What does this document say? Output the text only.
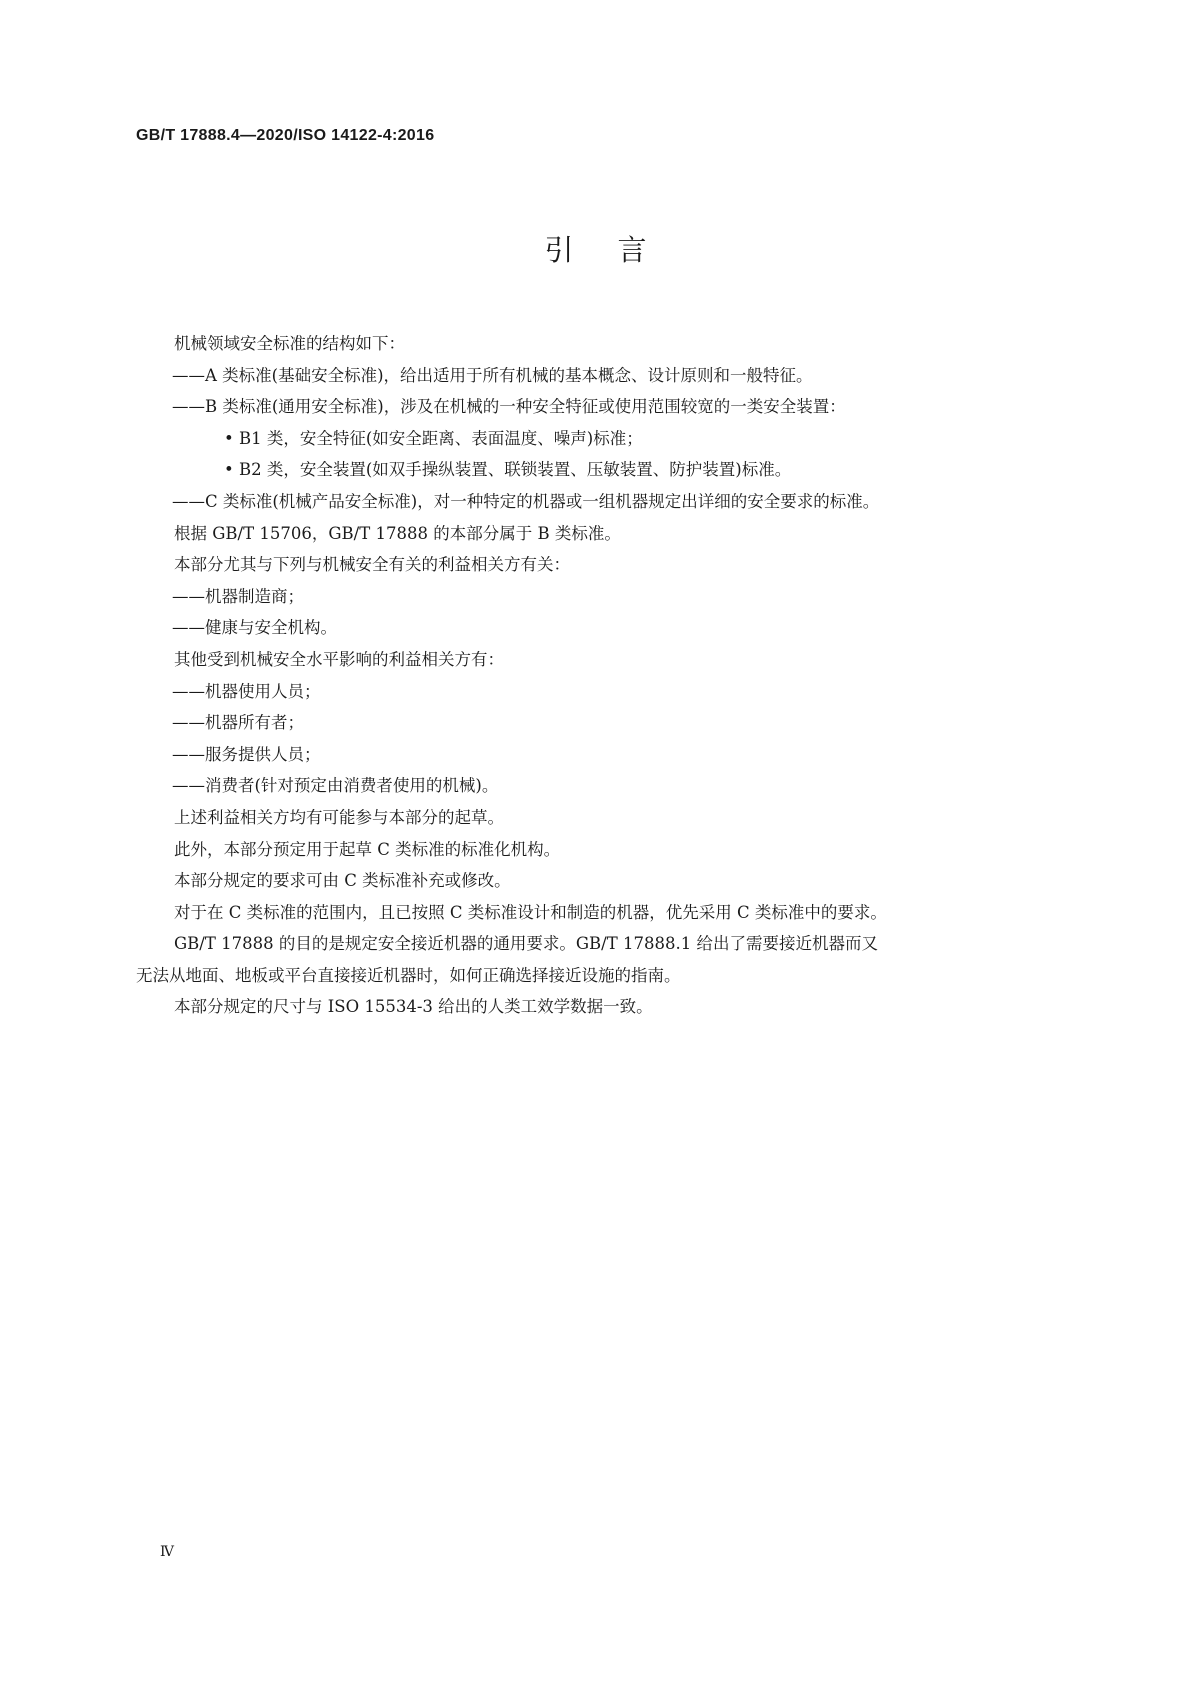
GB/T 17888.4—2020/ISO 14122-4:2016
引言
机械领域安全标准的结构如下：
——A 类标准(基础安全标准)，给出适用于所有机械的基本概念、设计原则和一般特征。
——B 类标准(通用安全标准)，涉及在机械的一种安全特征或使用范围较宽的一类安全装置：
• B1 类，安全特征(如安全距离、表面温度、噪声)标准；
• B2 类，安全装置(如双手操纵装置、联锁装置、压敏装置、防护装置)标准。
——C 类标准(机械产品安全标准)，对一种特定的机器或一组机器规定出详细的安全要求的标准。
根据 GB/T 15706，GB/T 17888 的本部分属于 B 类标准。
本部分尤其与下列与机械安全有关的利益相关方有关：
——机器制造商；
——健康与安全机构。
其他受到机械安全水平影响的利益相关方有：
——机器使用人员；
——机器所有者；
——服务提供人员；
——消费者(针对预定由消费者使用的机械)。
上述利益相关方均有可能参与本部分的起草。
此外，本部分预定用于起草 C 类标准的标准化机构。
本部分规定的要求可由 C 类标准补充或修改。
对于在 C 类标准的范围内，且已按照 C 类标准设计和制造的机器，优先采用 C 类标准中的要求。
GB/T 17888 的目的是规定安全接近机器的通用要求。GB/T 17888.1 给出了需要接近机器而又
无法从地面、地板或平台直接接近机器时，如何正确选择接近设施的指南。
本部分规定的尺寸与 ISO 15534-3 给出的人类工效学数据一致。
Ⅳ
